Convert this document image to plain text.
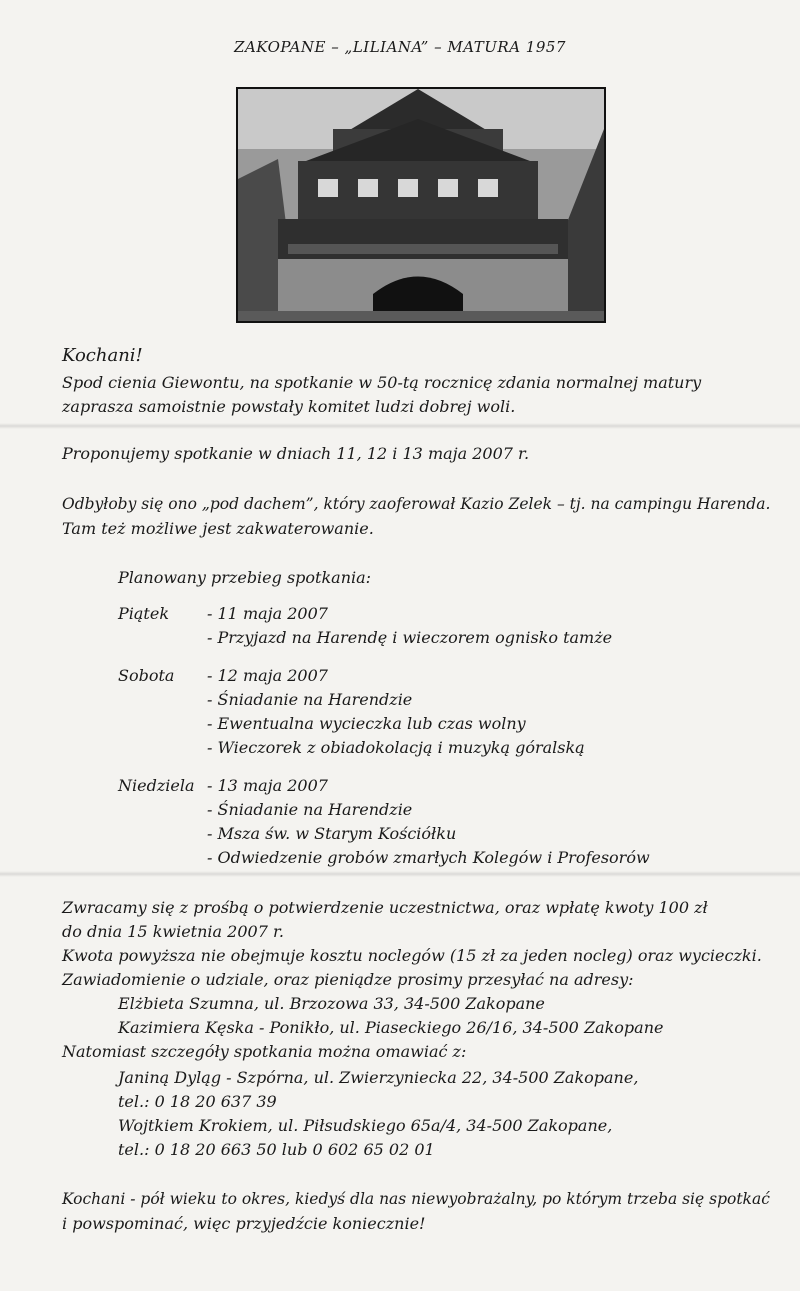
ZAKOPANE – „LILIANA” – MATURA 1957
Kochani!
Spod cienia Giewontu, na spotkanie w 50-tą rocznicę zdania normalnej matury
zaprasza samoistnie powstały komitet ludzi dobrej woli.
Proponujemy spotkanie w dniach 11, 12 i 13 maja 2007 r.
Odbyłoby się ono „pod dachem”, który zaoferował Kazio Zelek – tj. na campingu Harenda.
Tam też możliwe jest zakwaterowanie.
Planowany przebieg spotkania:
Piątek - 11 maja 2007
- Przyjazd na Harendę i wieczorem ognisko tamże
Sobota - 12 maja 2007
- Śniadanie na Harendzie
- Ewentualna wycieczka lub czas wolny
- Wieczorek z obiadokolacją i muzyką góralską
Niedziela - 13 maja 2007
- Śniadanie na Harendzie
- Msza św. w Starym Kościółku
- Odwiedzenie grobów zmarłych Kolegów i Profesorów
Zwracamy się z prośbą o potwierdzenie uczestnictwa, oraz wpłatę kwoty 100 zł
do dnia 15 kwietnia 2007 r.
Kwota powyższa nie obejmuje kosztu noclegów (15 zł za jeden nocleg) oraz wycieczki.
Zawiadomienie o udziale, oraz pieniądze prosimy przesyłać na adresy:
Elżbieta Szumna, ul. Brzozowa 33, 34-500 Zakopane
Kazimiera Kęska - Ponikło, ul. Piaseckiego 26/16, 34-500 Zakopane
Natomiast szczegóły spotkania można omawiać z:
Janiną Dyląg - Szpórna, ul. Zwierzyniecka 22, 34-500 Zakopane,
tel.: 0 18 20 637 39
Wojtkiem Krokiem, ul. Piłsudskiego 65a/4, 34-500 Zakopane,
tel.: 0 18 20 663 50 lub 0 602 65 02 01
Kochani - pół wieku to okres, kiedyś dla nas niewyobrażalny, po którym trzeba się spotkać
i powspominać, więc przyjedźcie koniecznie!
